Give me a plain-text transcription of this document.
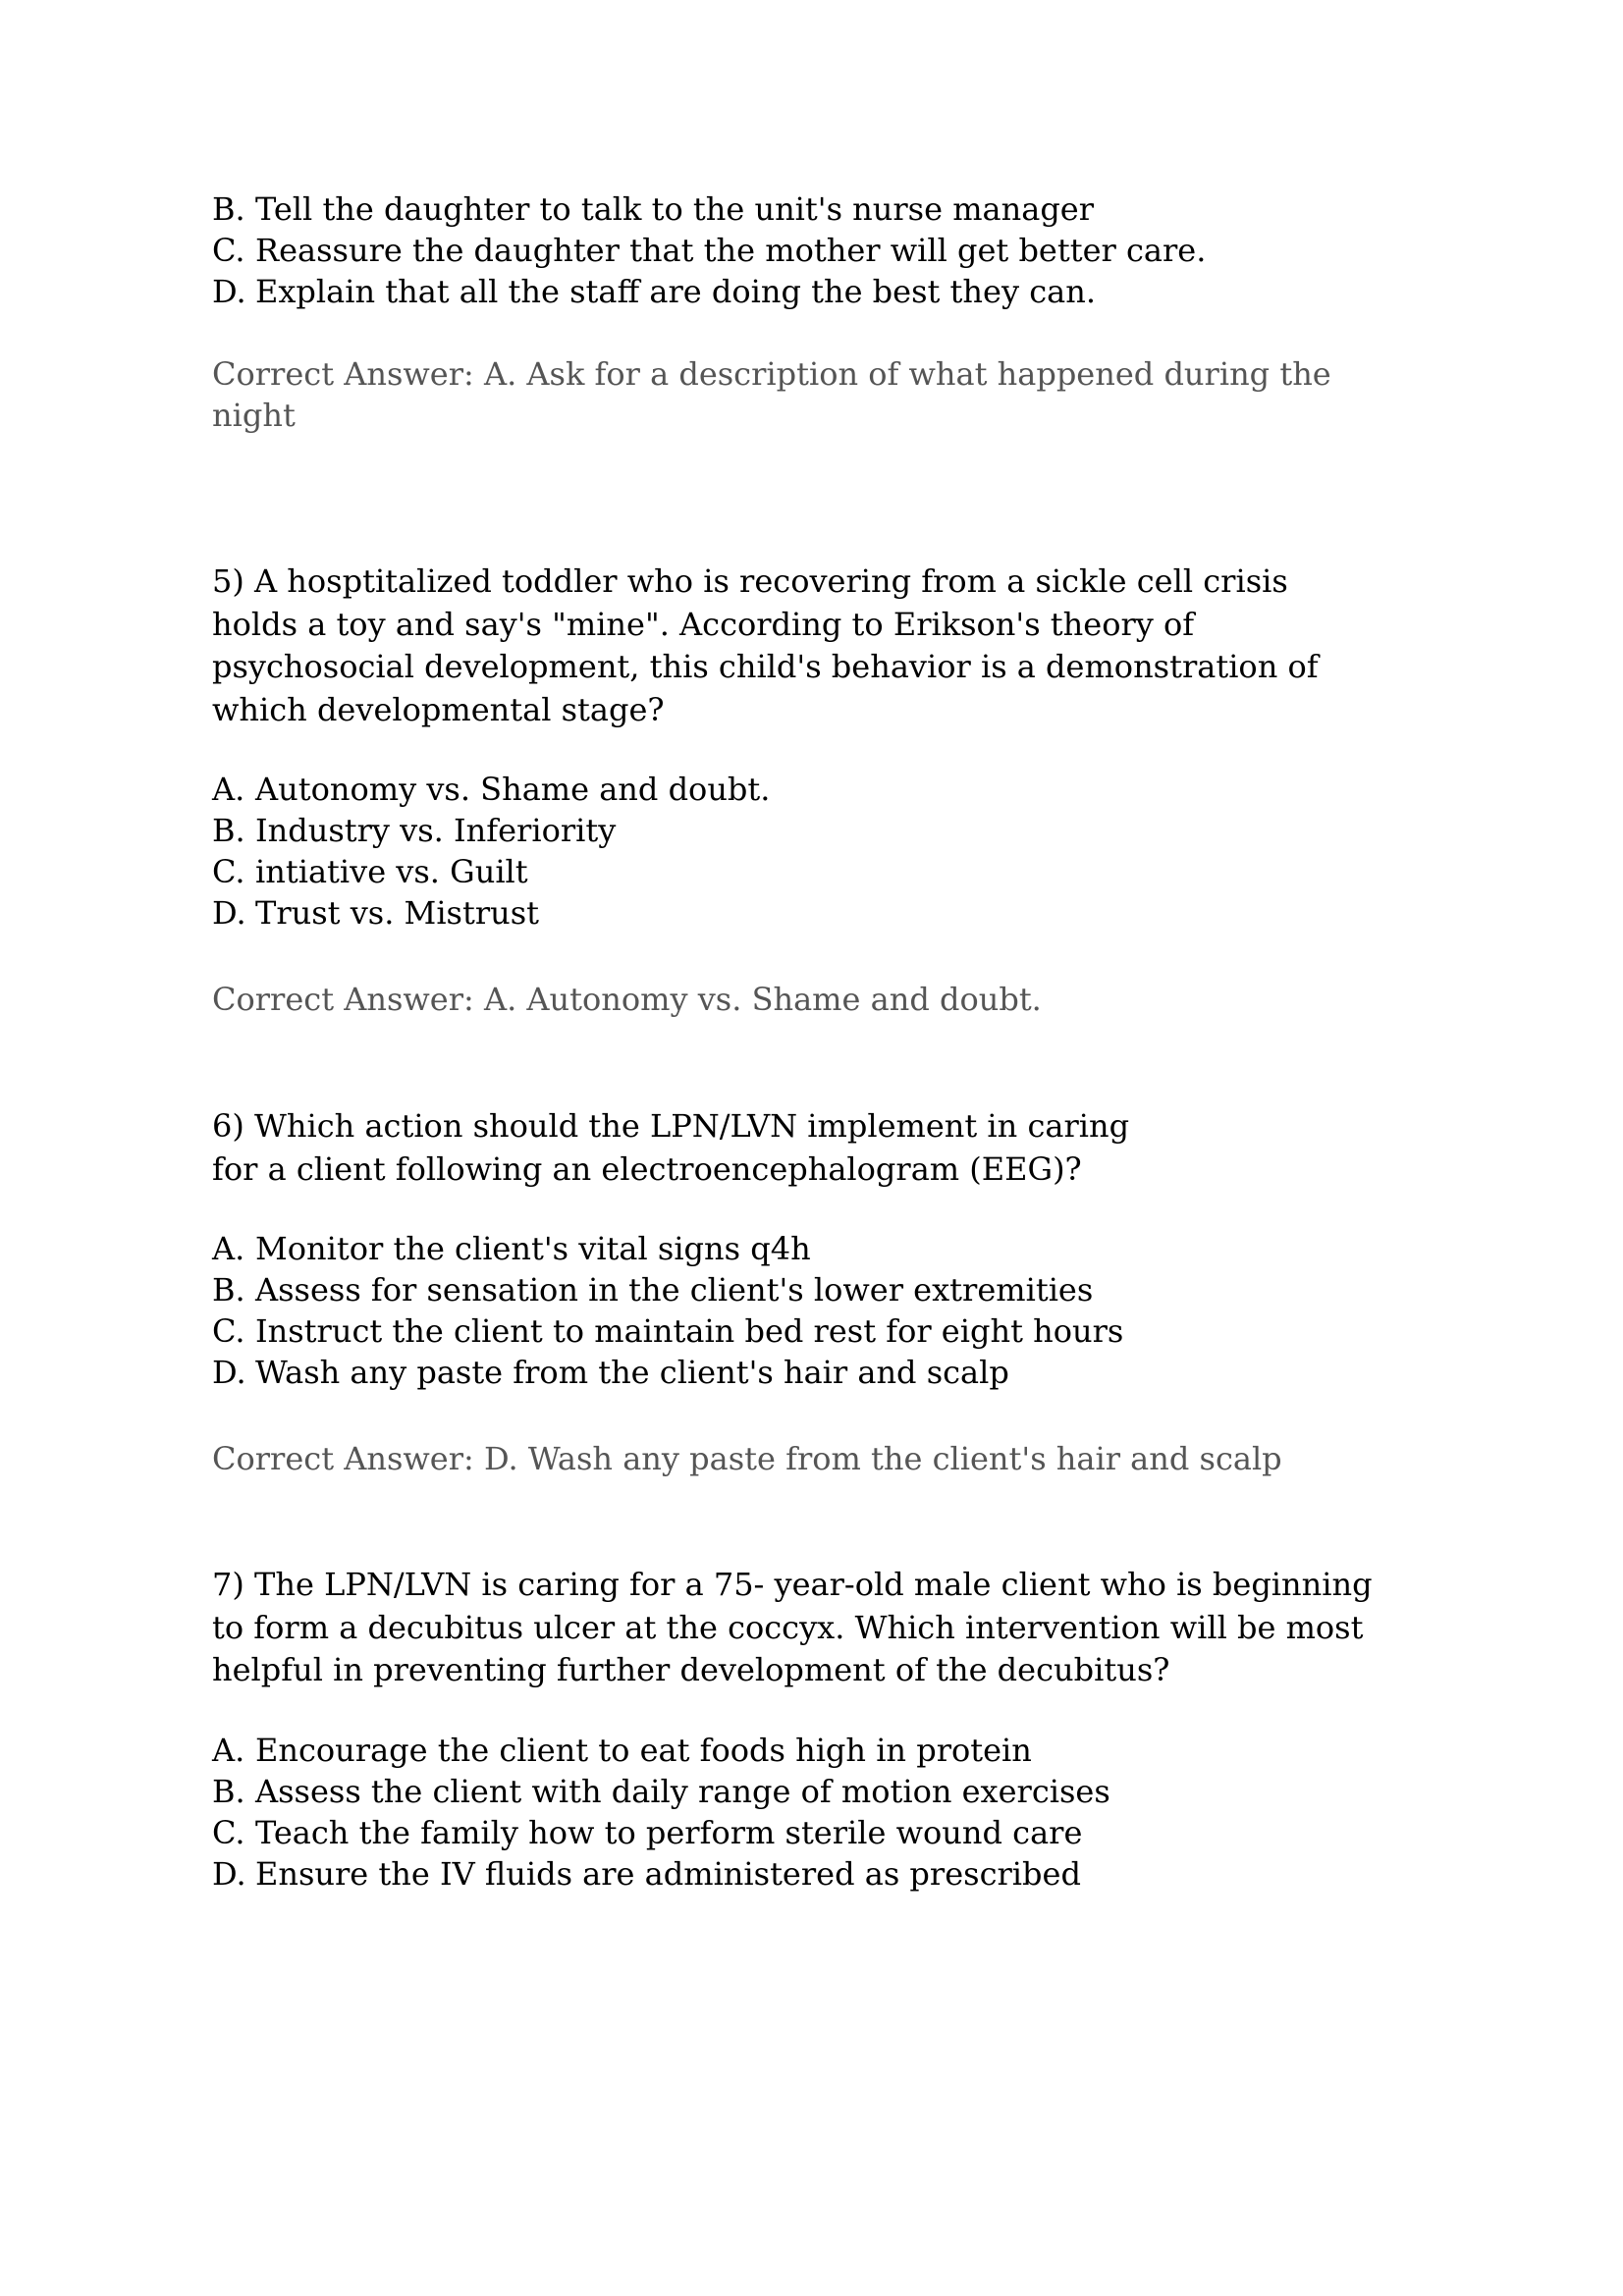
B. Tell the daughter to talk to the unit's nurse manager
C. Reassure the daughter that the mother will get better care.
D. Explain that all the staff are doing the best they can.
Correct Answer: A. Ask for a description of what happened during the
night
5) A hosptitalized toddler who is recovering from a sickle cell crisis
holds a toy and say's "mine". According to Erikson's theory of
psychosocial development, this child's behavior is a demonstration of
which developmental stage?
A. Autonomy vs. Shame and doubt.
B. Industry vs. Inferiority
C. intiative vs. Guilt
D. Trust vs. Mistrust
Correct Answer: A. Autonomy vs. Shame and doubt.
6) Which action should the LPN/LVN implement in caring
for a client following an electroencephalogram (EEG)?
A. Monitor the client's vital signs q4h
B. Assess for sensation in the client's lower extremities
C. Instruct the client to maintain bed rest for eight hours
D. Wash any paste from the client's hair and scalp
Correct Answer: D. Wash any paste from the client's hair and scalp
7) The LPN/LVN is caring for a 75- year-old male client who is beginning
to form a decubitus ulcer at the coccyx. Which intervention will be most
helpful in preventing further development of the decubitus?
A. Encourage the client to eat foods high in protein
B. Assess the client with daily range of motion exercises
C. Teach the family how to perform sterile wound care
D. Ensure the IV fluids are administered as prescribed
